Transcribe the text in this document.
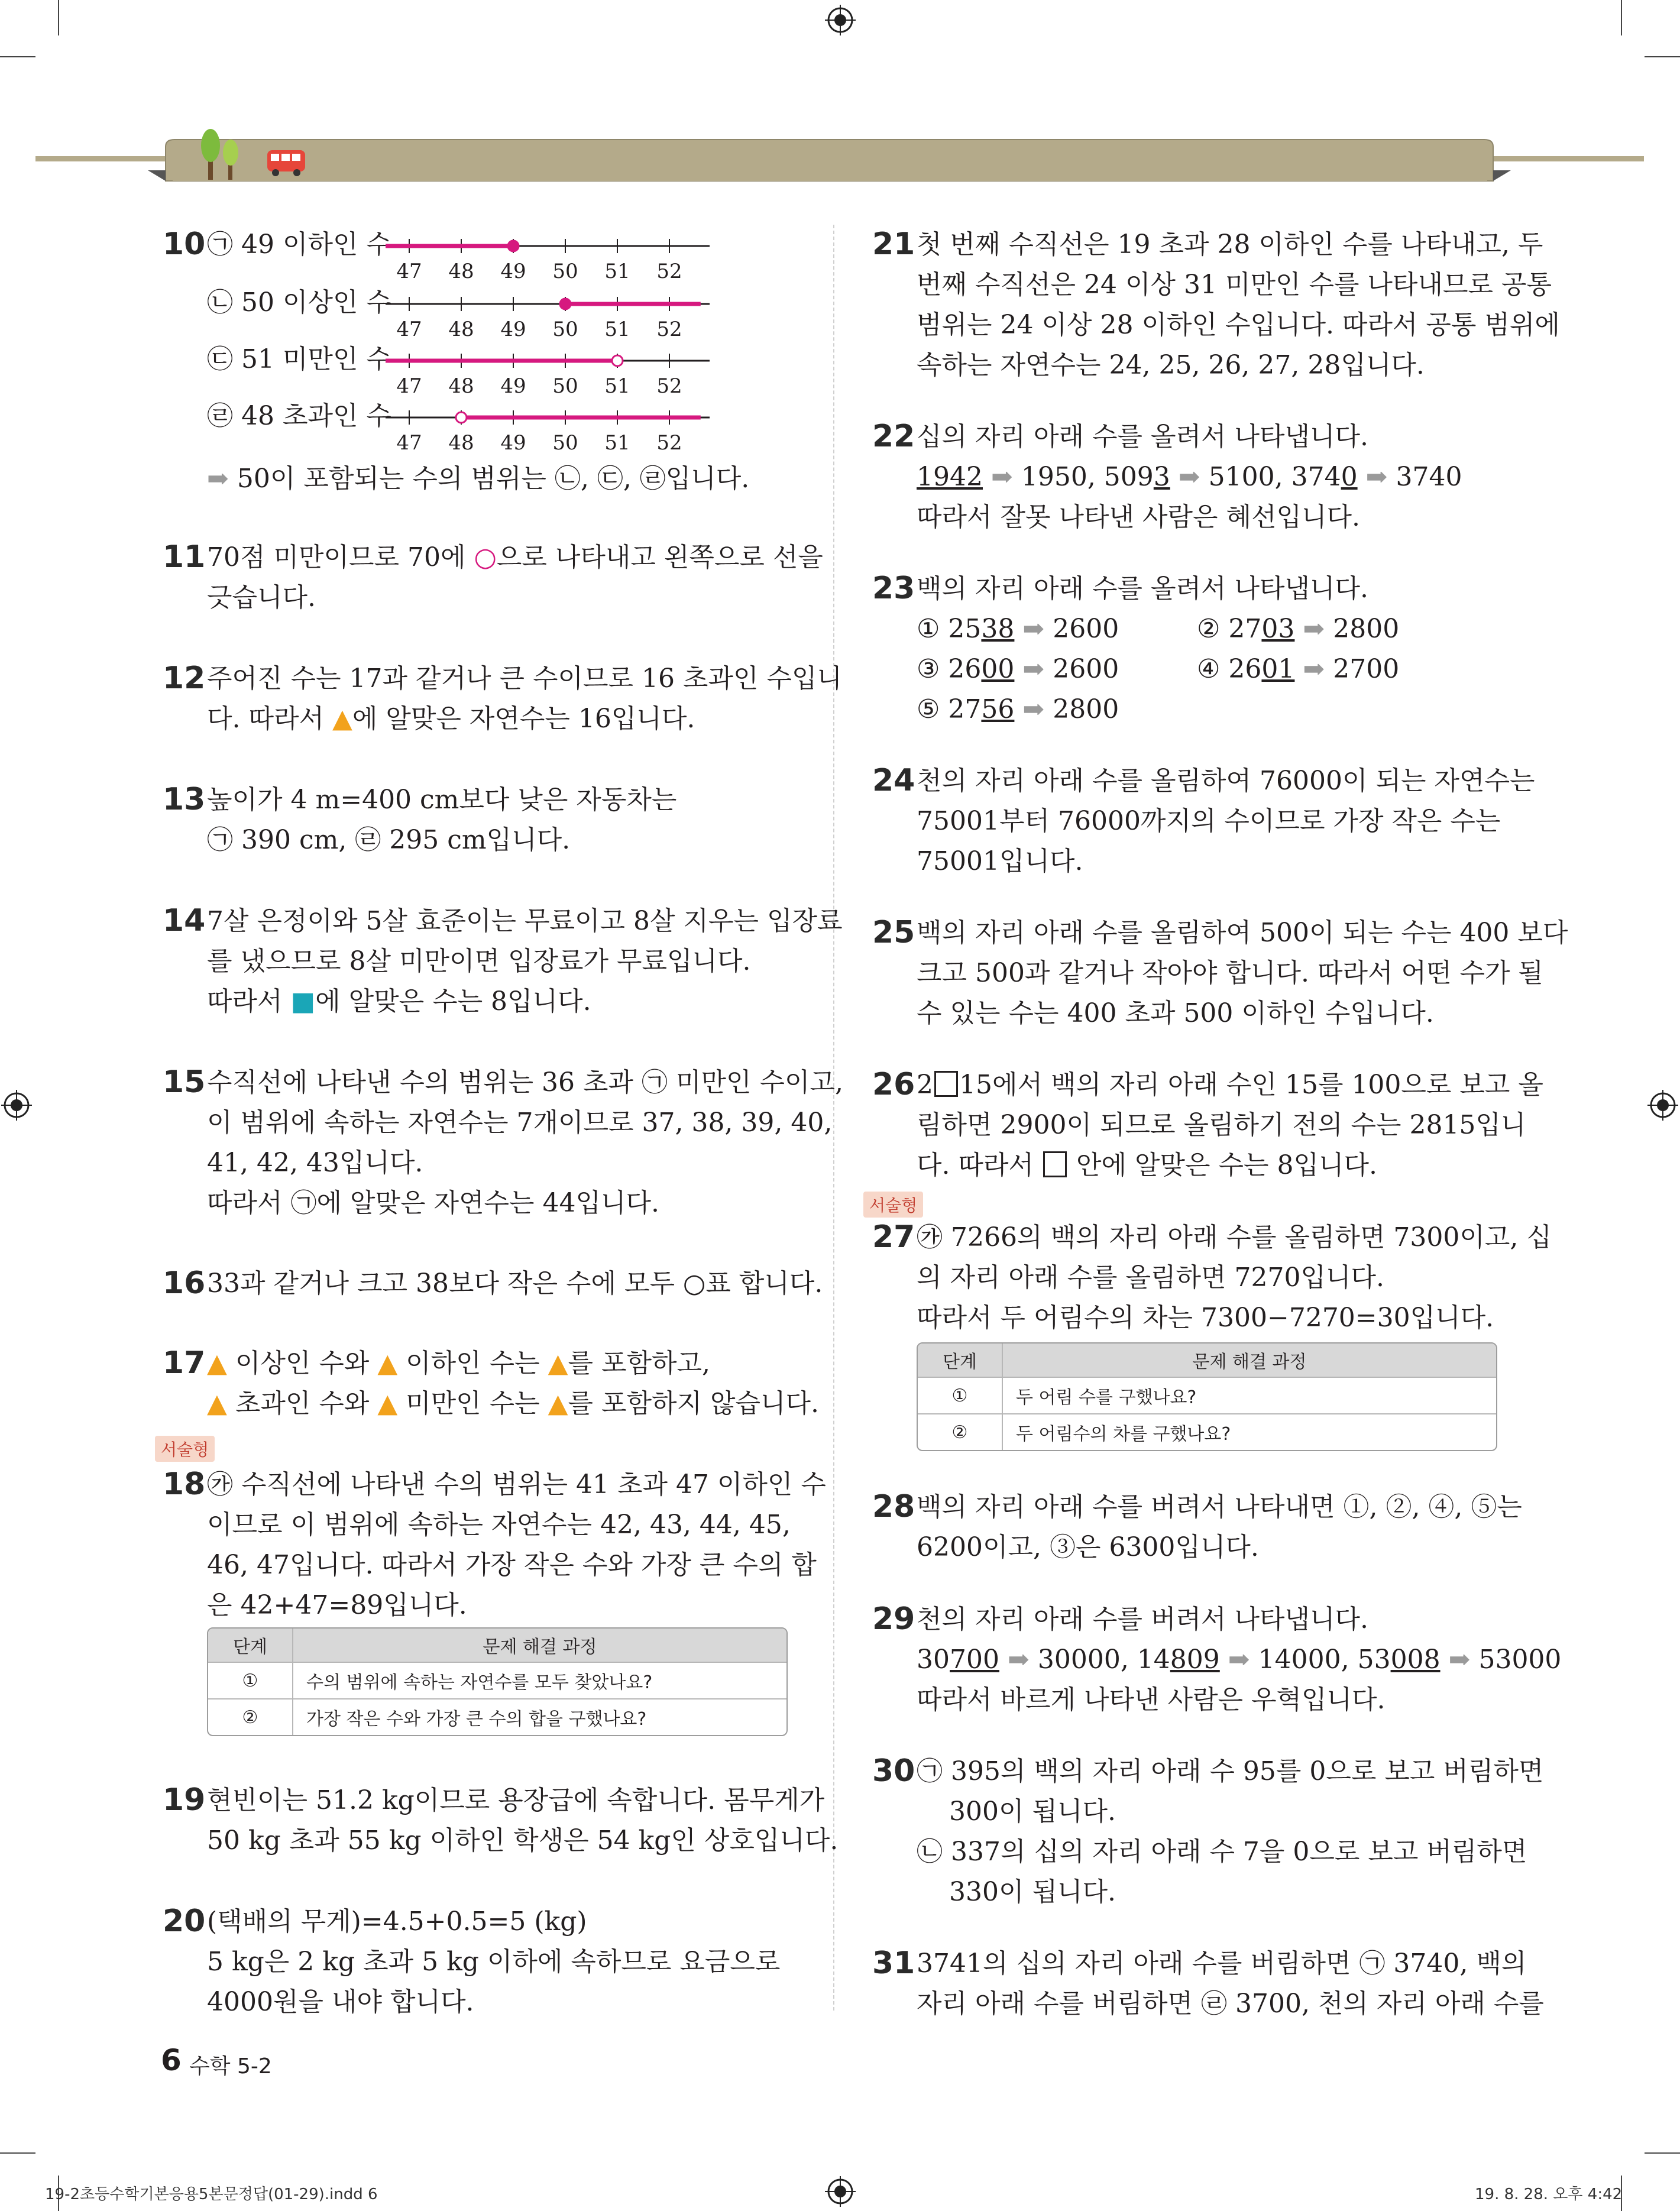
10 ㉠ 49 이하인 수
㉡ 50 이상인 수
㉢ 51 미만인 수
㉣ 48 초과인 수
47 48 49 50 51 52
47 48 49 50 51 52
47 48 49 50 51 52
47 48 49 50 51 52
➡ 50이 포함되는 수의 범위는 ㉡, ㉢, ㉣입니다.
11 70점 미만이므로 70에 ○으로 나타내고 왼쪽으로 선을
긋습니다.
12 주어진 수는 17과 같거나 큰 수이므로 16 초과인 수입니
다. 따라서 ▲에 알맞은 자연수는 16입니다.
13 높이가 4 m=400 cm보다 낮은 자동차는
㉠ 390 cm, ㉣ 295 cm입니다.
14 7살 은정이와 5살 효준이는 무료이고 8살 지우는 입장료
를 냈으므로 8살 미만이면 입장료가 무료입니다.
따라서 ■에 알맞은 수는 8입니다.
15 수직선에 나타낸 수의 범위는 36 초과 ㉠ 미만인 수이고,
이 범위에 속하는 자연수는 7개이므로 37, 38, 39, 40,
41, 42, 43입니다.
따라서 ㉠에 알맞은 자연수는 44입니다.
16 33과 같거나 크고 38보다 작은 수에 모두 ○표 합니다.
17 ▲ 이상인 수와 ▲ 이하인 수는 ▲를 포함하고,
▲ 초과인 수와 ▲ 미만인 수는 ▲를 포함하지 않습니다.
서술형
18 ㉮ 수직선에 나타낸 수의 범위는 41 초과 47 이하인 수
이므로 이 범위에 속하는 자연수는 42, 43, 44, 45,
46, 47입니다. 따라서 가장 작은 수와 가장 큰 수의 합
은 42+47=89입니다.
단계	문제 해결 과정
①	수의 범위에 속하는 자연수를 모두 찾았나요?
②	가장 작은 수와 가장 큰 수의 합을 구했나요?
19 현빈이는 51.2 kg이므로 용장급에 속합니다. 몸무게가
50 kg 초과 55 kg 이하인 학생은 54 kg인 상호입니다.
20 (택배의 무게)=4.5+0.5=5 (kg)
5 kg은 2 kg 초과 5 kg 이하에 속하므로 요금으로
4000원을 내야 합니다.
6 수학 5-2
19-2초등수학기본응용5본문정답(01-29).indd 6	19. 8. 28. 오후 4:42
21 첫 번째 수직선은 19 초과 28 이하인 수를 나타내고, 두
번째 수직선은 24 이상 31 미만인 수를 나타내므로 공통
범위는 24 이상 28 이하인 수입니다. 따라서 공통 범위에
속하는 자연수는 24, 25, 26, 27, 28입니다.
22 십의 자리 아래 수를 올려서 나타냅니다.
1942 ➡ 1950, 5093 ➡ 5100, 3740 ➡ 3740
따라서 잘못 나타낸 사람은 혜선입니다.
23 백의 자리 아래 수를 올려서 나타냅니다.
① 2538 ➡ 2600	② 2703 ➡ 2800
③ 2600 ➡ 2600	④ 2601 ➡ 2700
⑤ 2756 ➡ 2800
24 천의 자리 아래 수를 올림하여 76000이 되는 자연수는
75001부터 76000까지의 수이므로 가장 작은 수는
75001입니다.
25 백의 자리 아래 수를 올림하여 500이 되는 수는 400 보다
크고 500과 같거나 작아야 합니다. 따라서 어떤 수가 될
수 있는 수는 400 초과 500 이하인 수입니다.
26 2 15에서 백의 자리 아래 수인 15를 100으로 보고 올
림하면 2900이 되므로 올림하기 전의 수는 2815입니
다. 따라서  안에 알맞은 수는 8입니다.
서술형
27 ㉮ 7266의 백의 자리 아래 수를 올림하면 7300이고, 십
의 자리 아래 수를 올림하면 7270입니다.
따라서 두 어림수의 차는 7300−7270=30입니다.
단계	문제 해결 과정
①	두 어림 수를 구했나요?
②	두 어림수의 차를 구했나요?
28 백의 자리 아래 수를 버려서 나타내면 ①, ②, ④, ⑤는
6200이고, ③은 6300입니다.
29 천의 자리 아래 수를 버려서 나타냅니다.
30700 ➡ 30000, 14809 ➡ 14000, 53008 ➡ 53000
따라서 바르게 나타낸 사람은 우혁입니다.
30 ㉠ 395의 백의 자리 아래 수 95를 0으로 보고 버림하면
300이 됩니다.
㉡ 337의 십의 자리 아래 수 7을 0으로 보고 버림하면
330이 됩니다.
31 3741의 십의 자리 아래 수를 버림하면 ㉠ 3740, 백의
자리 아래 수를 버림하면 ㉣ 3700, 천의 자리 아래 수를
